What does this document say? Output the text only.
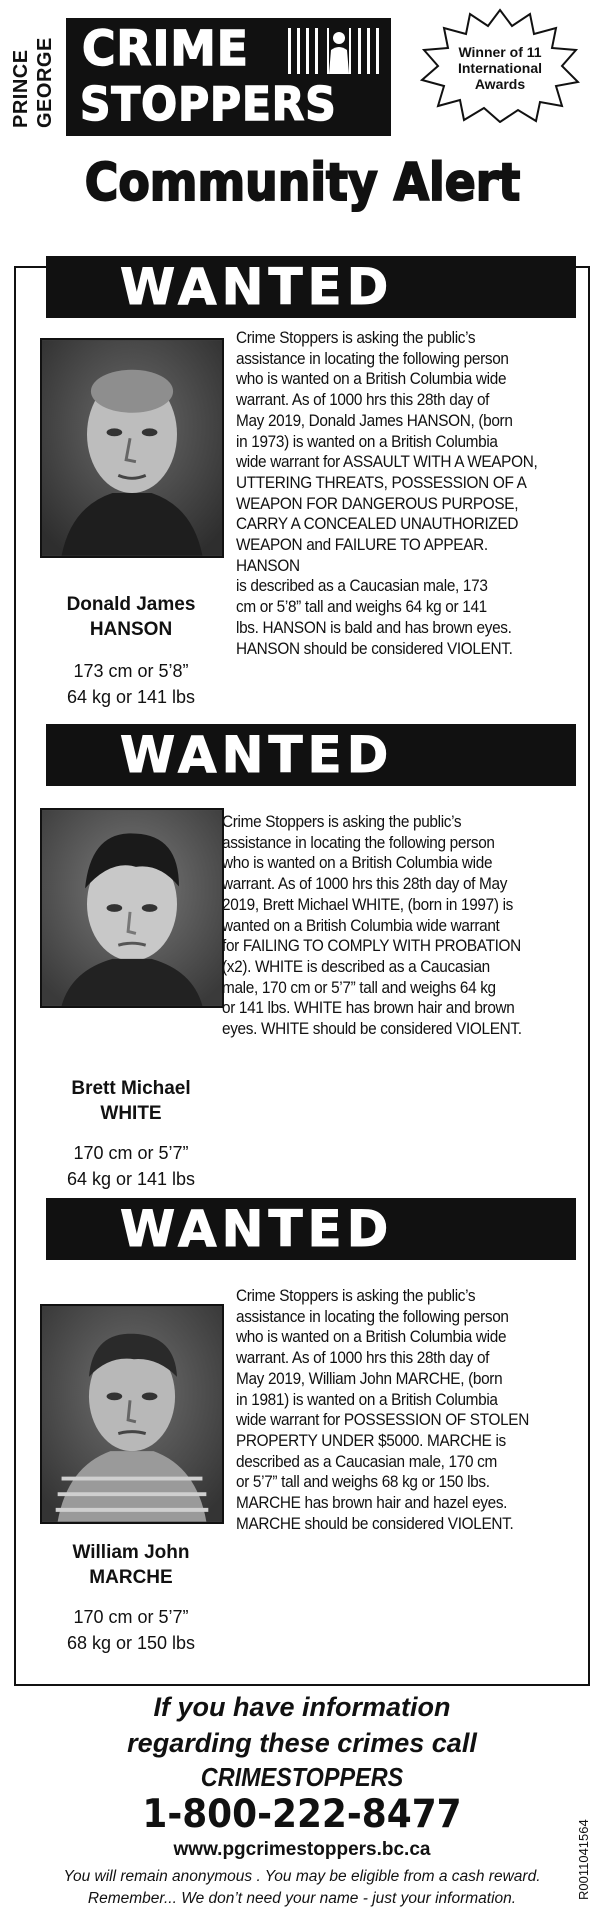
PRINCE GEORGE CRIME
STOPPERS
Winner of 11
International
Awards
Community Alert
WANTED
Donald James
HANSON
173 cm or 5’8”
64 kg or 141 lbs
Crime Stoppers is asking the public’s
assistance in locating the following person
who is wanted on a British Columbia wide
warrant. As of 1000 hrs this 28th day of
May 2019, Donald James HANSON, (born
in 1973) is wanted on a British Columbia
wide warrant for ASSAULT WITH A WEAPON,
UTTERING THREATS, POSSESSION OF A
WEAPON FOR DANGEROUS PURPOSE,
CARRY A CONCEALED UNAUTHORIZED
WEAPON and FAILURE TO APPEAR. HANSON
is described as a Caucasian male, 173
cm or 5’8” tall and weighs 64 kg or 141
lbs. HANSON is bald and has brown eyes.
HANSON should be considered VIOLENT.
WANTED
Brett Michael
WHITE
170 cm or 5’7”
64 kg or 141 lbs
Crime Stoppers is asking the public’s
assistance in locating the following person
who is wanted on a British Columbia wide
warrant. As of 1000 hrs this 28th day of May
2019, Brett Michael WHITE, (born in 1997) is
wanted on a British Columbia wide warrant
for FAILING TO COMPLY WITH PROBATION
(x2). WHITE is described as a Caucasian
male, 170 cm or 5’7” tall and weighs 64 kg
or 141 lbs. WHITE has brown hair and brown
eyes. WHITE should be considered VIOLENT.
WANTED
William John
MARCHE
170 cm or 5’7”
68 kg or 150 lbs
Crime Stoppers is asking the public’s
assistance in locating the following person
who is wanted on a British Columbia wide
warrant. As of 1000 hrs this 28th day of
May 2019, William John MARCHE, (born
in 1981) is wanted on a British Columbia
wide warrant for POSSESSION OF STOLEN
PROPERTY UNDER $5000. MARCHE is
described as a Caucasian male, 170 cm
or 5’7” tall and weighs 68 kg or 150 lbs.
MARCHE has brown hair and hazel eyes.
MARCHE should be considered VIOLENT.
If you have information
regarding these crimes call
CRIMESTOPPERS
1-800-222-8477
www.pgcrimestoppers.bc.ca
You will remain anonymous . You may be eligible from a cash reward.
Remember... We don’t need your name - just your information.	R0011041564
